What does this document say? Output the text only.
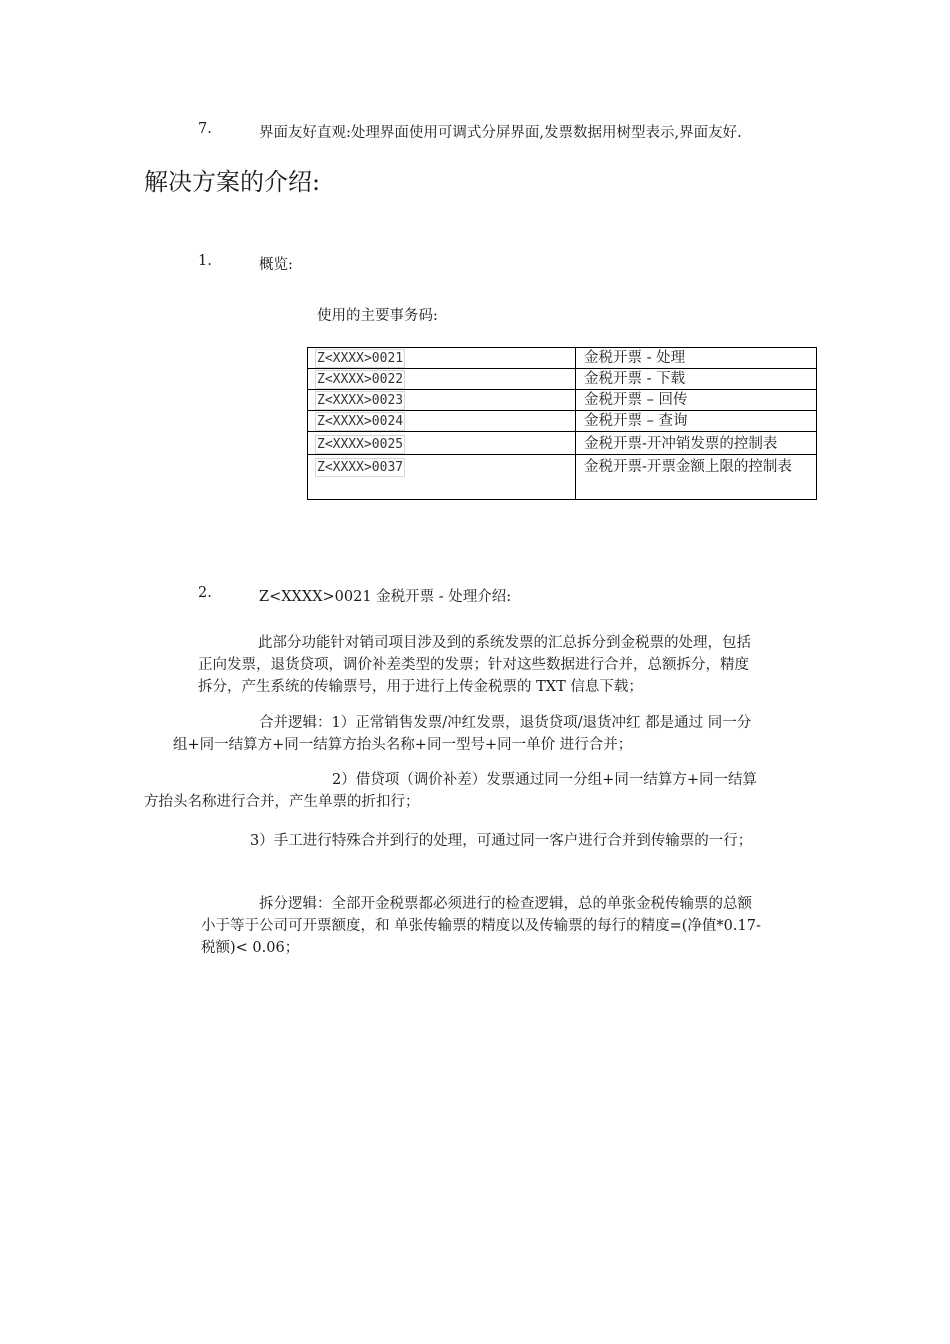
7.	界面友好直观:处理界面使用可调式分屏界面,发票数据用树型表示,界面友好.
解决方案的介绍:
1.	概览:
使用的主要事务码:
Z<XXXX>0021	金税开票 - 处理
Z<XXXX>0022	金税开票 - 下载
Z<XXXX>0023	金税开票 – 回传
Z<XXXX>0024	金税开票 – 查询
Z<XXXX>0025	金税开票-开冲销发票的控制表
Z<XXXX>0037	金税开票-开票金额上限的控制表
2.	Z<XXXX>0021 金税开票 - 处理介绍:
此部分功能针对销司项目涉及到的系统发票的汇总拆分到金税票的处理，包括
正向发票，退货贷项，调价补差类型的发票；针对这些数据进行合并，总额拆分，精度
拆分，产生系统的传输票号，用于进行上传金税票的 TXT 信息下载；
合并逻辑：1）正常销售发票/冲红发票，退货贷项/退货冲红 都是通过 同一分
组+同一结算方+同一结算方抬头名称+同一型号+同一单价 进行合并；
2）借贷项（调价补差）发票通过同一分组+同一结算方+同一结算
方抬头名称进行合并，产生单票的折扣行；
3）手工进行特殊合并到行的处理，可通过同一客户进行合并到传输票的一行；
拆分逻辑：全部开金税票都必须进行的检查逻辑，总的单张金税传输票的总额
小于等于公司可开票额度，和 单张传输票的精度以及传输票的每行的精度=(净值*0.17-
税额)< 0.06；
